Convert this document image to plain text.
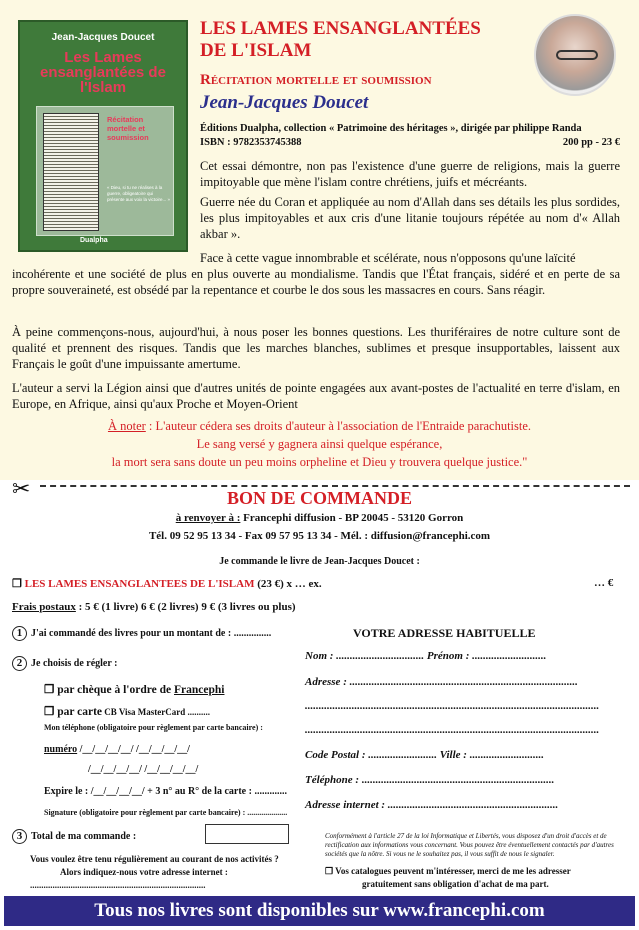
Jean-Jacques Doucet
Les Lames ensanglantées de l'Islam
Récitation mortelle et soumission
« Dieu, si tu ne réalises à la guerre, obligeatoire qui présente aux voix la victoire... »
Dualpha
LES LAMES ENSANGLANTÉES
DE L'ISLAM
Récitation mortelle et soumission
Jean-Jacques Doucet
Éditions Dualpha, collection « Patrimoine des héritages », dirigée par philippe Randa
ISBN : 9782353745388	200 pp - 23 €
Cet essai démontre, non pas l'existence d'une guerre de religions, mais la guerre impitoyable que mène l'islam contre chrétiens, juifs et mécréants.
Guerre née du Coran et appliquée au nom d'Allah dans ses détails les plus sordides, les plus impitoyables et aux cris d'une litanie toujours répétée au nom d'« Allah akbar ».
Face à cette vague innombrable et scélérate, nous n'opposons qu'une laïcité
incohérente et une société de plus en plus ouverte au mondialisme. Tandis que l'État français, sidéré et en perte de sa propre souveraineté, est obsédé par la repentance et courbe le dos sous les massacres en cours. Sans réagir.
À peine commençons-nous, aujourd'hui, à nous poser les bonnes questions. Les thuriféraires de notre culture sont de qualité et prennent des risques. Tandis que les marches blanches, sublimes et presque insupportables, laissent aux Français le goût d'une impuissante amertume.
L'auteur a servi la Légion ainsi que d'autres unités de pointe engagées aux avant-postes de l'actualité en terre d'islam, en Europe, en Afrique, ainsi qu'aux Proche et Moyen-Orient
À noter : L'auteur cédera ses droits d'auteur à l'association de l'Entraide parachutiste.
Le sang versé y gagnera ainsi quelque espérance,
la mort sera sans doute un peu moins orpheline et Dieu y trouvera quelque justice."
✂	BON DE COMMANDE
à renvoyer à : Francephi diffusion - BP 20045 - 53120 Gorron
Tél. 09 52 95 13 34 - Fax 09 57 95 13 34 - Mél. : diffusion@francephi.com
Je commande le livre de Jean-Jacques Doucet :
❐ LES LAMES ENSANGLANTEES DE L'ISLAM (23 €) x … ex.	… €
Frais postaux : 5 € (1 livre) 6 € (2 livres) 9 € (3 livres ou plus)
1 J'ai commandé des livres pour un montant de : ...............
2 Je choisis de régler :
❐ par chèque à l'ordre de Francephi
❐ par carte CB Visa MasterCard ..........
Mon téléphone (obligatoire pour règlement par carte bancaire) :
numéro /__/__/__/__/ /__/__/__/__/
/__/__/__/__/ /__/__/__/__/
Expire le : /__/__/__/__/ + 3 n° au R° de la carte : .............
Signature (obligatoire pour règlement par carte bancaire) : ....................
3 Total de ma commande :
Vous voulez être tenu régulièrement au courant de nos activités ?
Alors indiquez-nous votre adresse internet :
..............................................................................
VOTRE ADRESSE HABITUELLE
Nom : ................................ Prénom : ...........................
Adresse : ...................................................................................
...........................................................................................................
...........................................................................................................
Code Postal : ......................... Ville : ...........................
Téléphone : ......................................................................
Adresse internet : ..............................................................
Conformément à l'article 27 de la loi Informatique et Libertés, vous disposez d'un droit d'accès et de rectification aux informations vous concernant. Vous pouvez être éventuellement contactés par d'autres sociétés que la nôtre. Si vous ne le souhaitez pas, il vous suffit de nous le signaler.
❐ Vos catalogues peuvent m'intéresser, merci de me les adresser
gratuitement sans obligation d'achat de ma part.
Tous nos livres sont disponibles sur www.francephi.com
